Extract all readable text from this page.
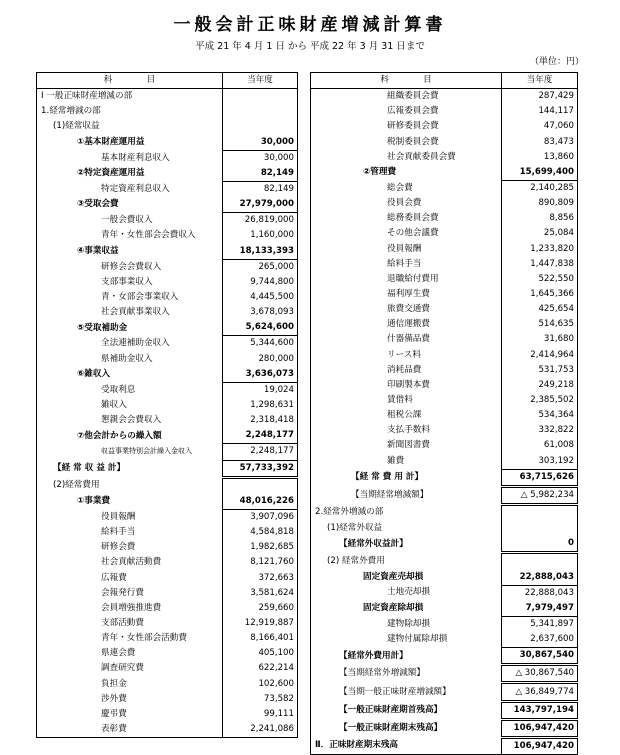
一般会計正味財産増減計算書
平成 21 年 4 月 1 日 から 平成 22 年 3 月 31 日まで
（単位：円）
科　　　　目	当年度
Ⅰ 一般正味財産増減の部	
1.経常増減の部	
(1)経常収益	
①基本財産運用益	30,000
基本財産利息収入	30,000
②特定資産運用益	82,149
特定資産利息収入	82,149
③受取会費	27,979,000
一般会費収入	26,819,000
青年・女性部会会費収入	1,160,000
④事業収益	18,133,393
研修会会費収入	265,000
支部事業収入	9,744,800
青・女部会事業収入	4,445,500
社会貢献事業収入	3,678,093
⑤受取補助金	5,624,600
全法連補助金収入	5,344,600
県補助金収入	280,000
⑥雑収入	3,636,073
受取利息	19,024
雑収入	1,298,631
懇親会会費収入	2,318,418
⑦他会計からの繰入額	2,248,177
収益事業特別会計繰入金収入	2,248,177
【経 常 収 益 計】	57,733,392
(2)経常費用	
①事業費	48,016,226
役員報酬	3,907,096
給料手当	4,584,818
研修会費	1,982,685
社会貢献活動費	8,121,760
広報費	372,663
会報発行費	3,581,624
会員増強推進費	259,660
支部活動費	12,919,887
青年・女性部会活動費	8,166,401
県連会費	405,100
調査研究費	622,214
負担金	102,600
渉外費	73,582
慶弔費	99,111
表彰費	2,241,086
科　　　　目	当年度
組織委員会費	287,429
広報委員会費	144,117
研修委員会費	47,060
税制委員会費	83,473
社会貢献委員会費	13,860
②管理費	15,699,400
総会費	2,140,285
役員会費	890,809
総務委員会費	8,856
その他会議費	25,084
役員報酬	1,233,820
給料手当	1,447,838
退職給付費用	522,550
福利厚生費	1,645,366
旅費交通費	425,654
通信運搬費	514,635
什器備品費	31,680
リース料	2,414,964
消耗品費	531,753
印刷製本費	249,218
賃借料	2,385,502
租税公課	534,364
支払手数料	332,822
新聞図書費	61,008
雑費	303,192
【経 常 費 用 計】	63,715,626
【当期経常増減額】	△ 5,982,234
2.経常外増減の部	
(1)経常外収益	
【経常外収益計】	0
(2) 経常外費用	
固定資産売却損	22,888,043
土地売却損	22,888,043
固定資産除却損	7,979,497
建物除却損	5,341,897
建物付属除却損	2,637,600
【経常外費用計】	30,867,540
【当期経常外増減額】	△ 30,867,540
【当期一般正味財産増減額】	△ 36,849,774
【一般正味財産期首残高】	143,797,194
【一般正味財産期末残高】	106,947,420
Ⅱ．正味財産期末残高	106,947,420
